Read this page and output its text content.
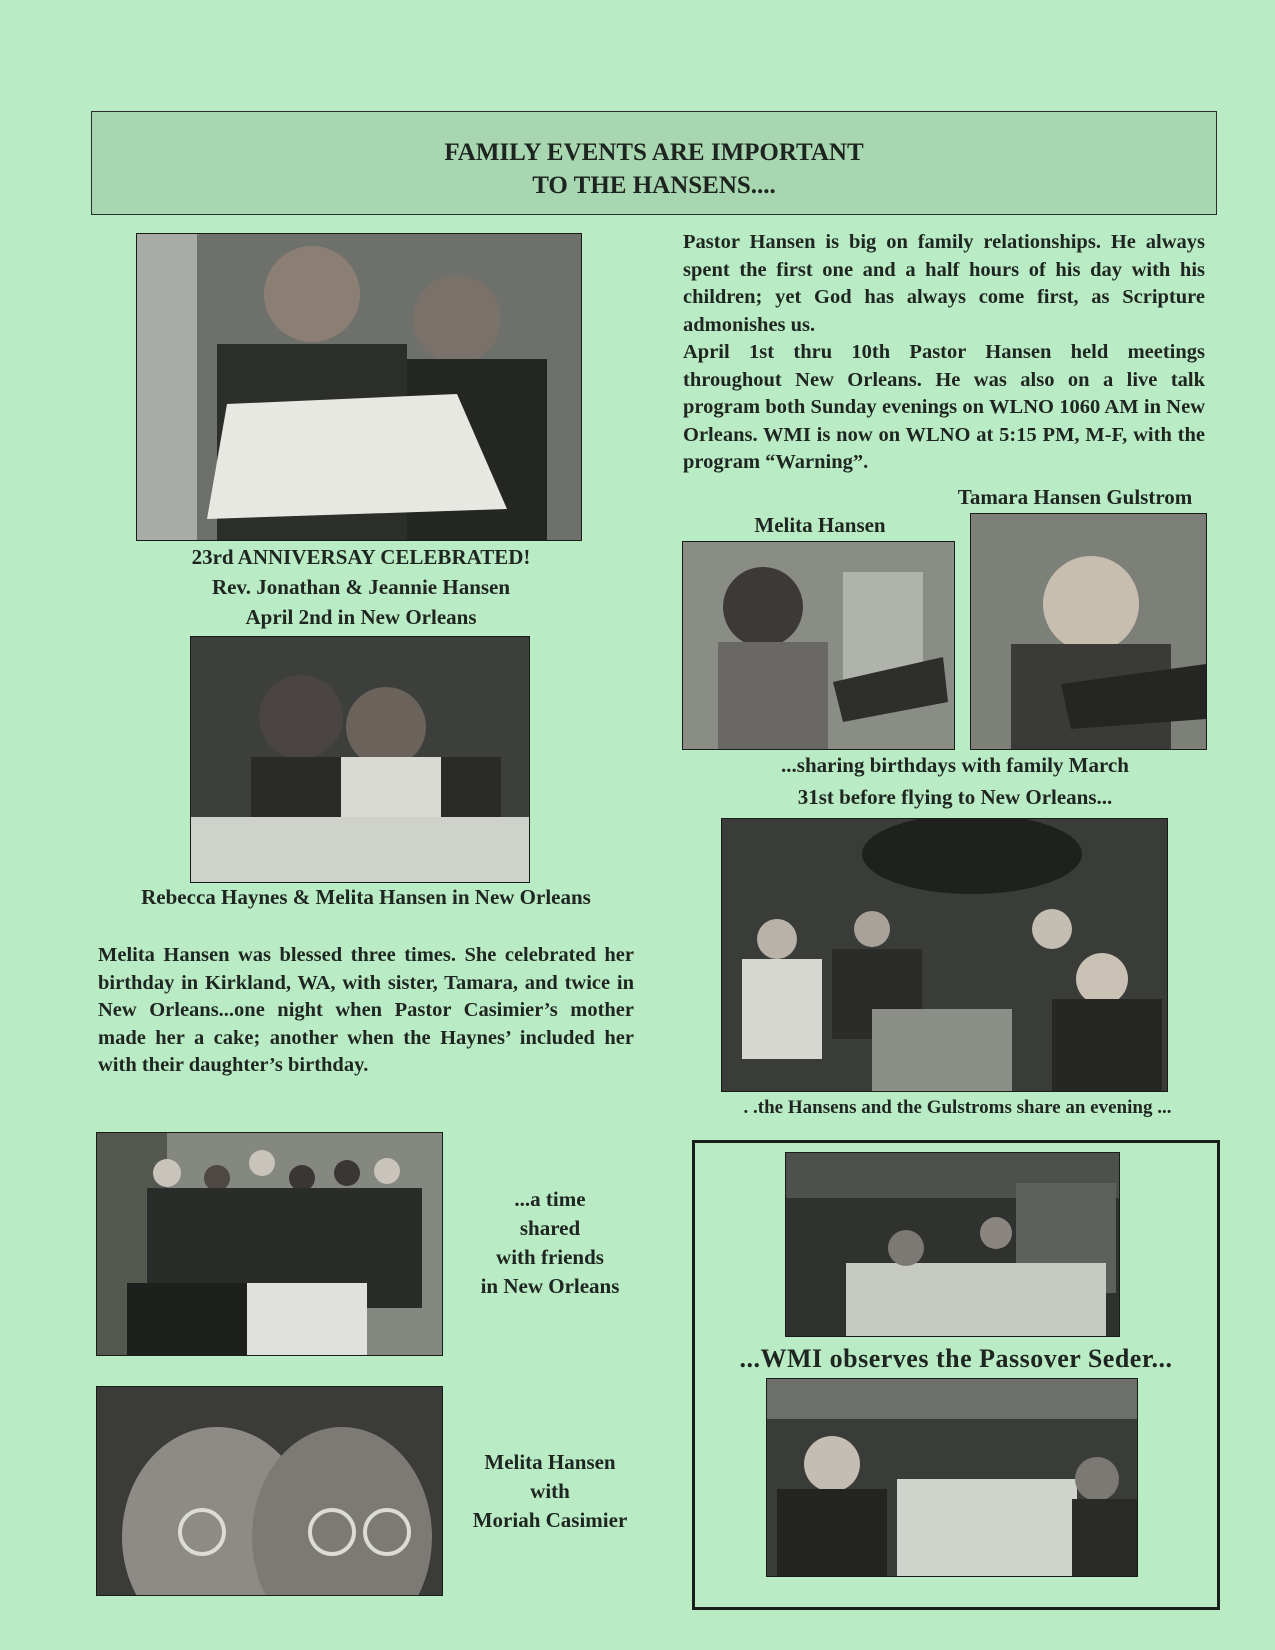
FAMILY EVENTS ARE IMPORTANT
TO THE HANSENS....
23rd ANNIVERSAY CELEBRATED!
Rev. Jonathan & Jeannie Hansen
April 2nd in New Orleans
Rebecca Haynes & Melita Hansen in New Orleans
Melita Hansen was blessed three times. She celebrated her birthday in Kirkland, WA, with sister, Tamara, and twice in New Orleans...one night when Pastor Casimier’s mother made her a cake; another when the Haynes’ included her with their daughter’s birthday.
...a time
shared
with friends
in New Orleans
Melita Hansen
with
Moriah Casimier
Pastor Hansen is big on family relationships. He always spent the first one and a half hours of his day with his children; yet God has always come first, as Scripture admonishes us.
April 1st thru 10th Pastor Hansen held meetings throughout New Orleans. He was also on a live talk program both Sunday evenings on WLNO 1060 AM in New Orleans. WMI is now on WLNO at 5:15 PM, M-F, with the program “Warning”.
Tamara Hansen Gulstrom
Melita Hansen
...sharing birthdays with family March
31st before flying to New Orleans...
. .the Hansens and the Gulstroms share an evening ...
...WMI observes the Passover Seder...
